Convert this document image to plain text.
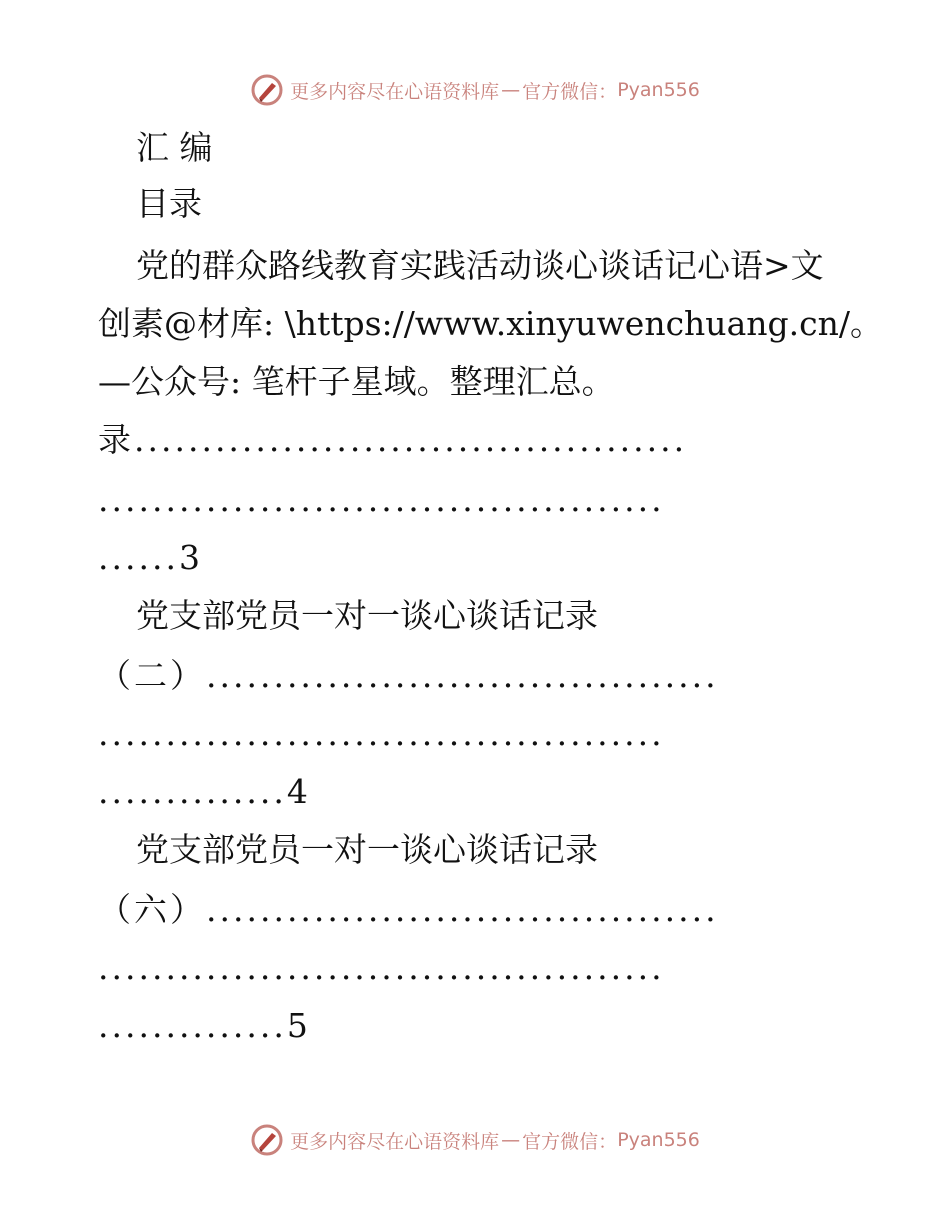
更多内容尽在心语资料库 — 官方微信： Pyan556
汇 编
目录
党的群众路线教育实践活动谈心谈话记心语>文
创素@材库: \https://www.xinyuwenchuang.cn/。
—公众号: 笔杆子星域。整理汇总。
录.........................................
..........................................
......3
党支部党员一对一谈心谈话记录
（二）......................................
..........................................
..............4
党支部党员一对一谈心谈话记录
（六）......................................
..........................................
..............5
更多内容尽在心语资料库 — 官方微信： Pyan556
